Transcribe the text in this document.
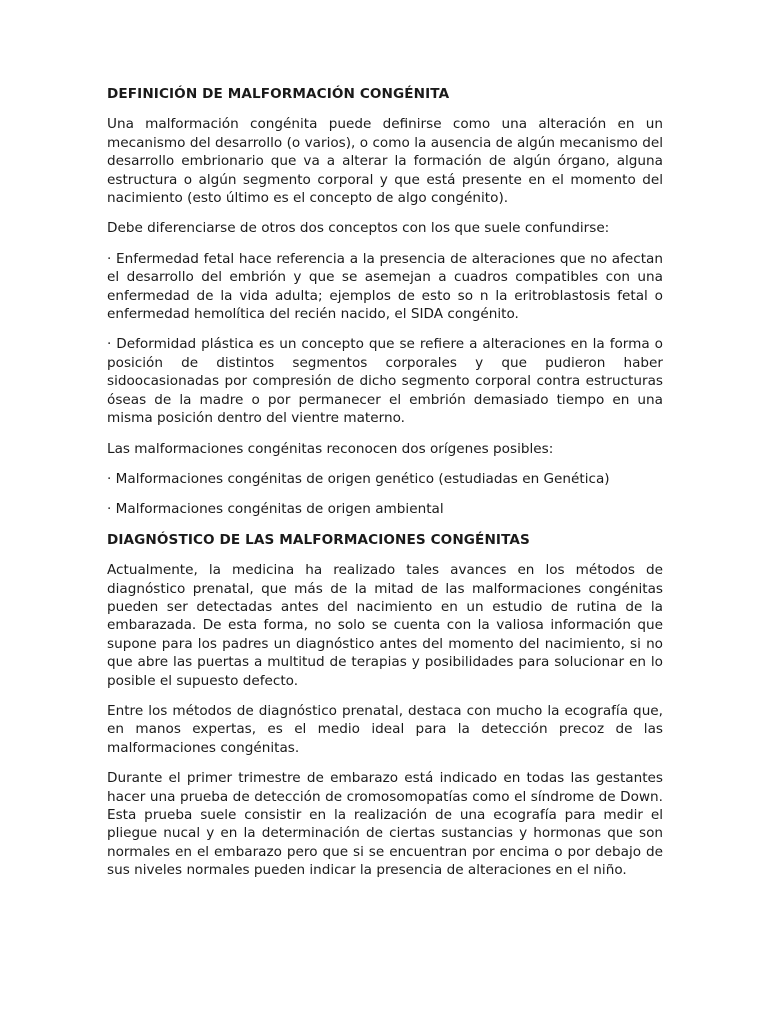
DEFINICIÓN DE MALFORMACIÓN CONGÉNITA
Una malformación congénita puede definirse como una alteración en un mecanismo del desarrollo (o varios), o como la ausencia de algún mecanismo del desarrollo embrionario que va a alterar la formación de algún órgano, alguna estructura o algún segmento corporal y que está presente en el momento del nacimiento (esto último es el concepto de algo congénito).
Debe diferenciarse de otros dos conceptos con los que suele confundirse:
· Enfermedad fetal hace referencia a la presencia de alteraciones que no afectan el desarrollo del embrión y que se asemejan a cuadros compatibles con una enfermedad de la vida adulta; ejemplos de esto so n la eritroblastosis fetal o enfermedad hemolítica del recién nacido, el SIDA congénito.
· Deformidad plástica es un concepto que se refiere a alteraciones en la forma o posición de distintos segmentos corporales y que pudieron haber sidoocasionadas por compresión de dicho segmento corporal contra estructuras óseas de la madre o por permanecer el embrión demasiado tiempo en una misma posición dentro del vientre materno.
Las malformaciones congénitas reconocen dos orígenes posibles:
· Malformaciones congénitas de origen genético (estudiadas en Genética)
· Malformaciones congénitas de origen ambiental
DIAGNÓSTICO DE LAS MALFORMACIONES CONGÉNITAS
Actualmente, la medicina ha realizado tales avances en los métodos de diagnóstico prenatal, que más de la mitad de las malformaciones congénitas pueden ser detectadas antes del nacimiento en un estudio de rutina de la embarazada. De esta forma, no solo se cuenta con la valiosa información que supone para los padres un diagnóstico antes del momento del nacimiento, si no que abre las puertas a multitud de terapias y posibilidades para solucionar en lo posible el supuesto defecto.
Entre los métodos de diagnóstico prenatal, destaca con mucho la ecografía que, en manos expertas, es el medio ideal para la detección precoz de las malformaciones congénitas.
Durante el primer trimestre de embarazo está indicado en todas las gestantes hacer una prueba de detección de cromosomopatías como el síndrome de Down. Esta prueba suele consistir en la realización de una ecografía para medir el pliegue nucal y en la determinación de ciertas sustancias y hormonas que son normales en el embarazo pero que si se encuentran por encima o por debajo de sus niveles normales pueden indicar la presencia de alteraciones en el niño.
